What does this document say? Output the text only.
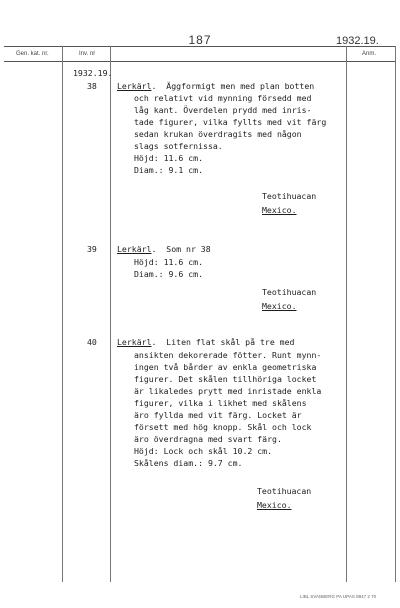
187	1932.19.
Gen. kat. nr.	Inv. nr	Anm.
1932.19.
38 Lerkärl.  Äggformigt men med plan botten
och relativt vid mynning försedd med
låg kant. Överdelen prydd med inris-
tade figurer, vilka fyllts med vit färg
sedan krukan överdragits med någon
slags sotfernissa.
Höjd: 11.6 cm.
Diam.: 9.1 cm.
Teotihuacan
Mexico.
39 Lerkärl.  Som nr 38
Höjd: 11.6 cm.
Diam.: 9.6 cm.
Teotihuacan
Mexico.
40 Lerkärl.  Liten flat skål på tre med
ansikten dekorerade fötter. Runt mynn-
ingen två bårder av enkla geometriska
figurer. Det skålen tillhöriga locket
är likaledes prytt med inristade enkla
figurer, vilka i likhet med skålens
äro fyllda med vit färg. Locket är
försett med hög knopp. Skål och lock
äro överdragna med svart färg.
Höjd: Lock och skål 10.2 cm.
Skålens diam.: 9.7 cm.
Teotihuacan
Mexico.
LIBL SVANBERG PA UPAS 8947 2 70
